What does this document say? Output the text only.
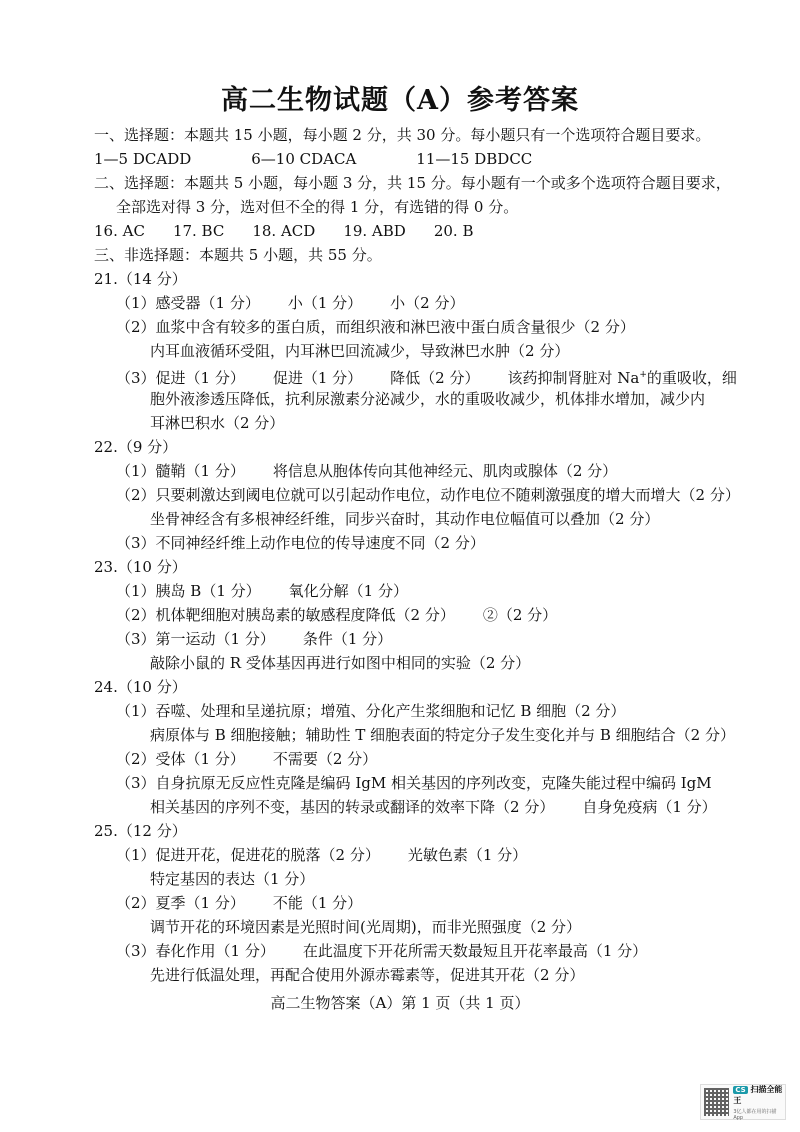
高二生物试题（A）参考答案
一、选择题：本题共 15 小题，每小题 2 分，共 30 分。每小题只有一个选项符合题目要求。
1—5 DCADD	6—10 CDACA	11—15 DBDCC
二、选择题：本题共 5 小题，每小题 3 分，共 15 分。每小题有一个或多个选项符合题目要求，
全部选对得 3 分，选对但不全的得 1 分，有选错的得 0 分。
16. AC 17. BC 18. ACD 19. ABD 20. B
三、非选择题：本题共 5 小题，共 55 分。
21.（14 分）
（1）感受器（1 分） 小（1 分） 小（2 分）
（2）血浆中含有较多的蛋白质，而组织液和淋巴液中蛋白质含量很少（2 分）
内耳血液循环受阻，内耳淋巴回流减少，导致淋巴水肿（2 分）
（3）促进（1 分） 促进（1 分） 降低（2 分） 该药抑制肾脏对 Na+的重吸收，细
胞外液渗透压降低，抗利尿激素分泌减少，水的重吸收减少，机体排水增加，减少内
耳淋巴积水（2 分）
22.（9 分）
（1）髓鞘（1 分） 将信息从胞体传向其他神经元、肌肉或腺体（2 分）
（2）只要刺激达到阈电位就可以引起动作电位，动作电位不随刺激强度的增大而增大（2 分）
坐骨神经含有多根神经纤维，同步兴奋时，其动作电位幅值可以叠加（2 分）
（3）不同神经纤维上动作电位的传导速度不同（2 分）
23.（10 分）
（1）胰岛 B（1 分） 氧化分解（1 分）
（2）机体靶细胞对胰岛素的敏感程度降低（2 分） ②（2 分）
（3）第一运动（1 分） 条件（1 分）
敲除小鼠的 R 受体基因再进行如图中相同的实验（2 分）
24.（10 分）
（1）吞噬、处理和呈递抗原；增殖、分化产生浆细胞和记忆 B 细胞（2 分）
病原体与 B 细胞接触；辅助性 T 细胞表面的特定分子发生变化并与 B 细胞结合（2 分）
（2）受体（1 分） 不需要（2 分）
（3）自身抗原无反应性克隆是编码 IgM 相关基因的序列改变，克隆失能过程中编码 IgM
相关基因的序列不变，基因的转录或翻译的效率下降（2 分） 自身免疫病（1 分）
25.（12 分）
（1）促进开花，促进花的脱落（2 分） 光敏色素（1 分）
特定基因的表达（1 分）
（2）夏季（1 分） 不能（1 分）
调节开花的环境因素是光照时间(光周期)，而非光照强度（2 分）
（3）春化作用（1 分） 在此温度下开花所需天数最短且开花率最高（1 分）
先进行低温处理，再配合使用外源赤霉素等，促进其开花（2 分）
高二生物答案（A）第 1 页（共 1 页）
CS 扫描全能王
3亿人都在用的扫描App
